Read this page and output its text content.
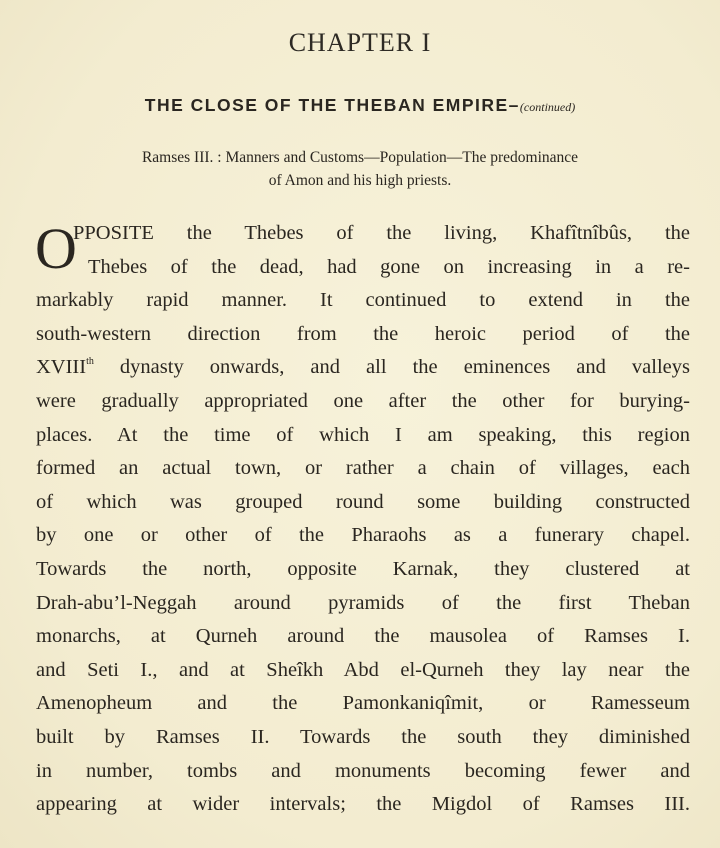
CHAPTER I
THE CLOSE OF THE THEBAN EMPIRE–(continued)
Ramses III. : Manners and Customs—Population—The predominance
of Amon and his high priests.
O
PPOSITE the Thebes of the living, Khafîtnîbûs, the
Thebes of the dead, had gone on increasing in a re-
markably rapid manner. It continued to extend in the
south-western direction from the heroic period of the
XVIIIth dynasty onwards, and all the eminences and valleys
were gradually appropriated one after the other for burying-
places. At the time of which I am speaking, this region
formed an actual town, or rather a chain of villages, each
of which was grouped round some building constructed
by one or other of the Pharaohs as a funerary chapel.
Towards the north, opposite Karnak, they clustered at
Drah-abu’l-Neggah around pyramids of the first Theban
monarchs, at Qurneh around the mausolea of Ramses I.
and Seti I., and at Sheîkh Abd el-Qurneh they lay near the
Amenopheum and the Pamonkaniqîmit, or Ramesseum
built by Ramses II. Towards the south they diminished
in number, tombs and monuments becoming fewer and
appearing at wider intervals; the Migdol of Ramses III.
